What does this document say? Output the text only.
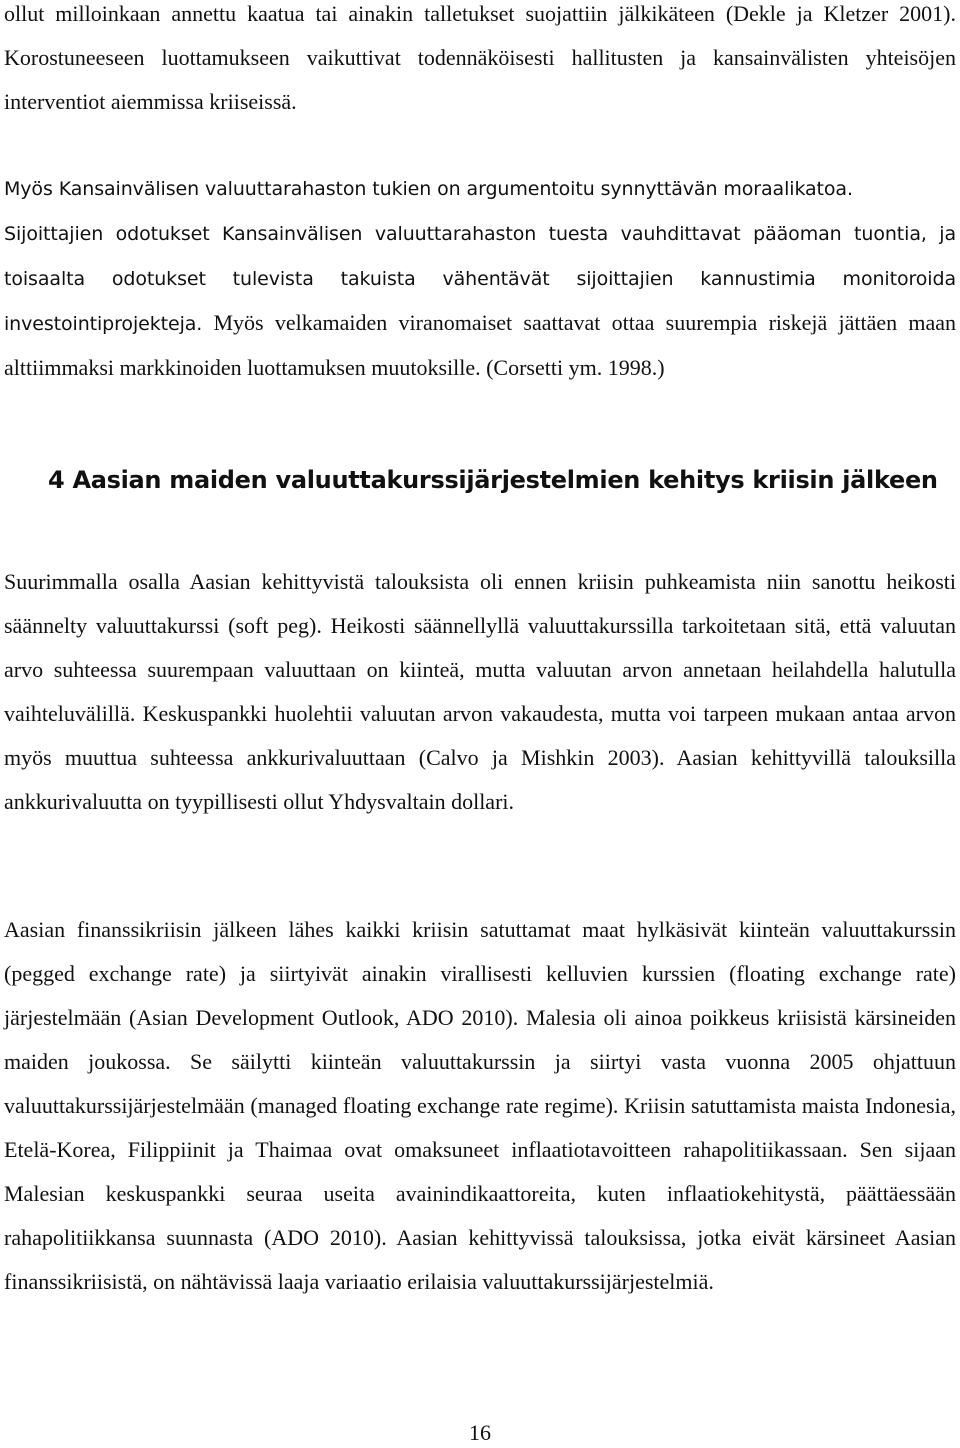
ollut milloinkaan annettu kaatua tai ainakin talletukset suojattiin jälkikäteen (Dekle ja Kletzer 2001). Korostuneeseen luottamukseen vaikuttivat todennäköisesti hallitusten ja kansainvälisten yhteisöjen interventiot aiemmissa kriiseissä.

Myös Kansainvälisen valuuttarahaston tukien on argumentoitu synnyttävän moraalikatoa.
Sijoittajien odotukset Kansainvälisen valuuttarahaston tuesta vauhdittavat pääoman tuontia, ja toisaalta odotukset tulevista takuista vähentävät sijoittajien kannustimia monitoroida investointiprojekteja. Myös velkamaiden viranomaiset saattavat ottaa suurempia riskejä jättäen maan alttiimmaksi markkinoiden luottamuksen muutoksille. (Corsetti ym. 1998.)

4 Aasian maiden valuuttakurssijärjestelmien kehitys kriisin jälkeen

Suurimmalla osalla Aasian kehittyvistä talouksista oli ennen kriisin puhkeamista niin sanottu heikosti säännelty valuuttakurssi (soft peg). Heikosti säännellyllä valuuttakurssilla tarkoitetaan sitä, että valuutan arvo suhteessa suurempaan valuuttaan on kiinteä, mutta valuutan arvon annetaan heilahdella halutulla vaihteluvälillä. Keskuspankki huolehtii valuutan arvon vakaudesta, mutta voi tarpeen mukaan antaa arvon myös muuttua suhteessa ankkurivaluuttaan (Calvo ja Mishkin 2003). Aasian kehittyvillä talouksilla ankkurivaluutta on tyypillisesti ollut Yhdysvaltain dollari.

Aasian finanssikriisin jälkeen lähes kaikki kriisin satuttamat maat hylkäsivät kiinteän valuuttakurssin (pegged exchange rate) ja siirtyivät ainakin virallisesti kelluvien kurssien (floating exchange rate) järjestelmään (Asian Development Outlook, ADO 2010). Malesia oli ainoa poikkeus kriisistä kärsineiden maiden joukossa. Se säilytti kiinteän valuuttakurssin ja siirtyi vasta vuonna 2005 ohjattuun valuuttakurssijärjestelmään (managed floating exchange rate regime). Kriisin satuttamista maista Indonesia, Etelä-Korea, Filippiinit ja Thaimaa ovat omaksuneet inflaatiotavoitteen rahapolitiikassaan. Sen sijaan Malesian keskuspankki seuraa useita avainindikaattoreita, kuten inflaatiokehitystä, päättäessään rahapolitiikkansa suunnasta (ADO 2010). Aasian kehittyvissä talouksissa, jotka eivät kärsineet Aasian finanssikriisistä, on nähtävissä laaja variaatio erilaisia valuuttakurssijärjestelmiä.

16
